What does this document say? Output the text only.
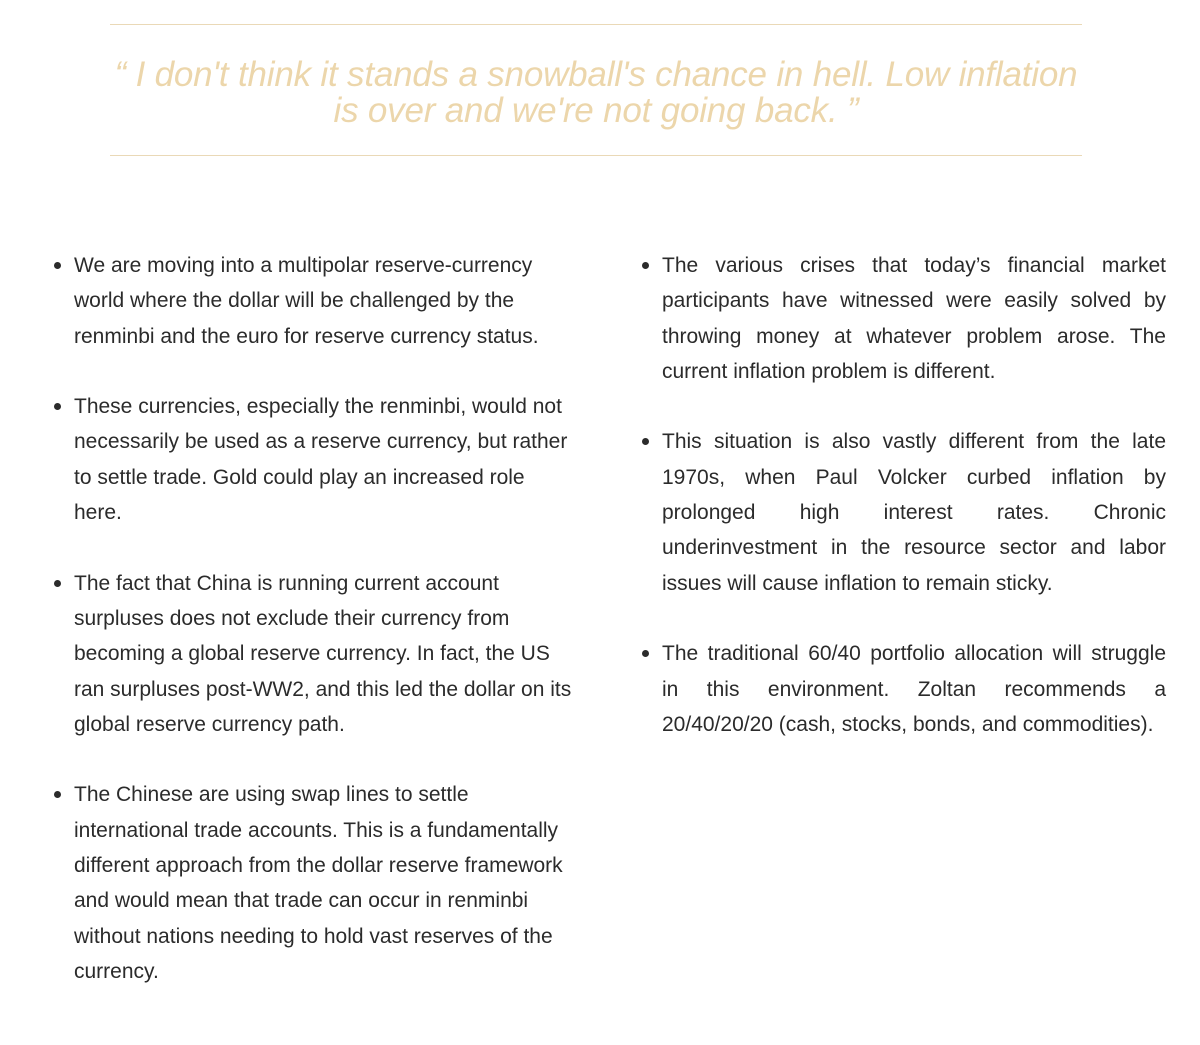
“ I don't think it stands a snowball's chance in hell. Low inflation is over and we're not going back. ”

We are moving into a multipolar reserve-currency world where the dollar will be challenged by the renminbi and the euro for reserve currency status.
These currencies, especially the renminbi, would not necessarily be used as a reserve currency, but rather to settle trade. Gold could play an increased role here.
The fact that China is running current account surpluses does not exclude their currency from becoming a global reserve currency. In fact, the US ran surpluses post-WW2, and this led the dollar on its global reserve currency path.
The Chinese are using swap lines to settle international trade accounts. This is a fundamentally different approach from the dollar reserve framework and would mean that trade can occur in renminbi without nations needing to hold vast reserves of the currency.
The various crises that today’s financial market participants have witnessed were easily solved by throwing money at whatever problem arose. The current inflation problem is different.
This situation is also vastly different from the late 1970s, when Paul Volcker curbed inflation by prolonged high interest rates. Chronic underinvestment in the resource sector and labor issues will cause inflation to remain sticky.
The traditional 60/40 portfolio allocation will struggle in this environment. Zoltan recommends a 20/40/20/20 (cash, stocks, bonds, and commodities).
